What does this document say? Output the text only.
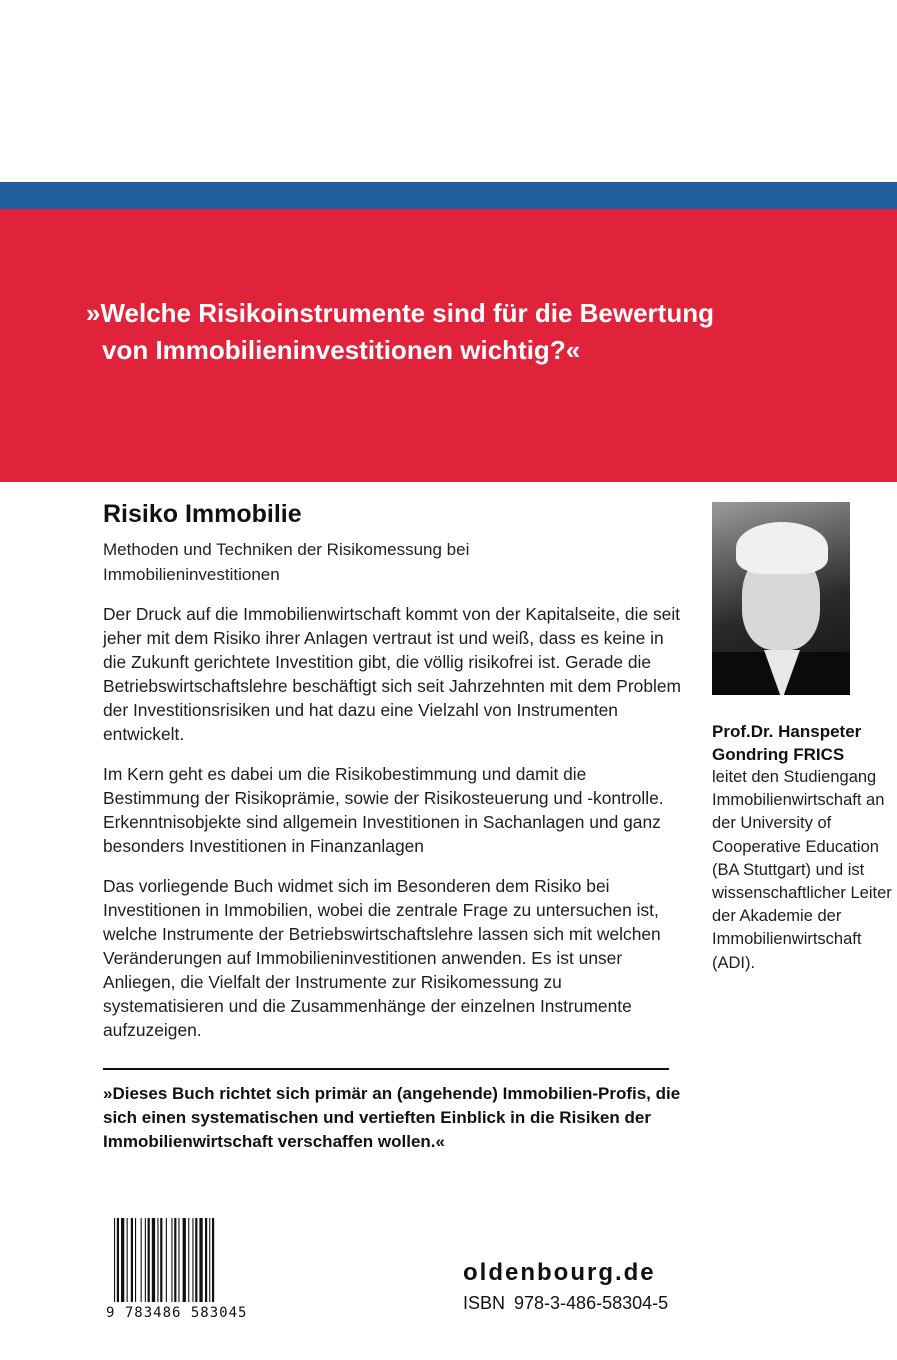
»Welche Risikoinstrumente sind für die Bewertung
von Immobilieninvestitionen wichtig?«
Risiko Immobilie
Methoden und Techniken der Risikomessung bei
Immobilieninvestitionen

Der Druck auf die Immobilienwirtschaft kommt von der Kapitalseite, die seit jeher mit dem Risiko ihrer Anlagen vertraut ist und weiß, dass es keine in die Zukunft gerichtete Investition gibt, die völlig risikofrei ist. Gerade die Betriebswirtschaftslehre beschäftigt sich seit Jahrzehnten mit dem Problem der Investitionsrisiken und hat dazu eine Vielzahl von Instrumenten entwickelt.

Im Kern geht es dabei um die Risikobestimmung und damit die Bestimmung der Risikoprämie, sowie der Risikosteuerung und -kontrolle. Erkenntnisobjekte sind allgemein Investitionen in Sachanlagen und ganz besonders Investitionen in Finanzanlagen

Das vorliegende Buch widmet sich im Besonderen dem Risiko bei Investitionen in Immobilien, wobei die zentrale Frage zu untersuchen ist, welche Instrumente der Betriebswirtschaftslehre lassen sich mit welchen Veränderungen auf Immobilieninvestitionen anwenden. Es ist unser Anliegen, die Vielfalt der Instrumente zur Risikomessung zu systematisieren und die Zusammenhänge der einzelnen Instrumente aufzuzeigen.

»Dieses Buch richtet sich primär an (angehende) Immobilien-Profis, die sich einen systematischen und vertieften Einblick in die Risiken der Immobilienwirtschaft verschaffen wollen.«
Prof.Dr. Hanspeter
Gondring FRICS
leitet den Studiengang Immobilienwirtschaft an der University of Cooperative Education (BA Stuttgart) und ist wissenschaftlicher Leiter der Akademie der Immobilienwirtschaft (ADI).
9 783486 583045
oldenbourg.de
ISBN 978-3-486-58304-5
